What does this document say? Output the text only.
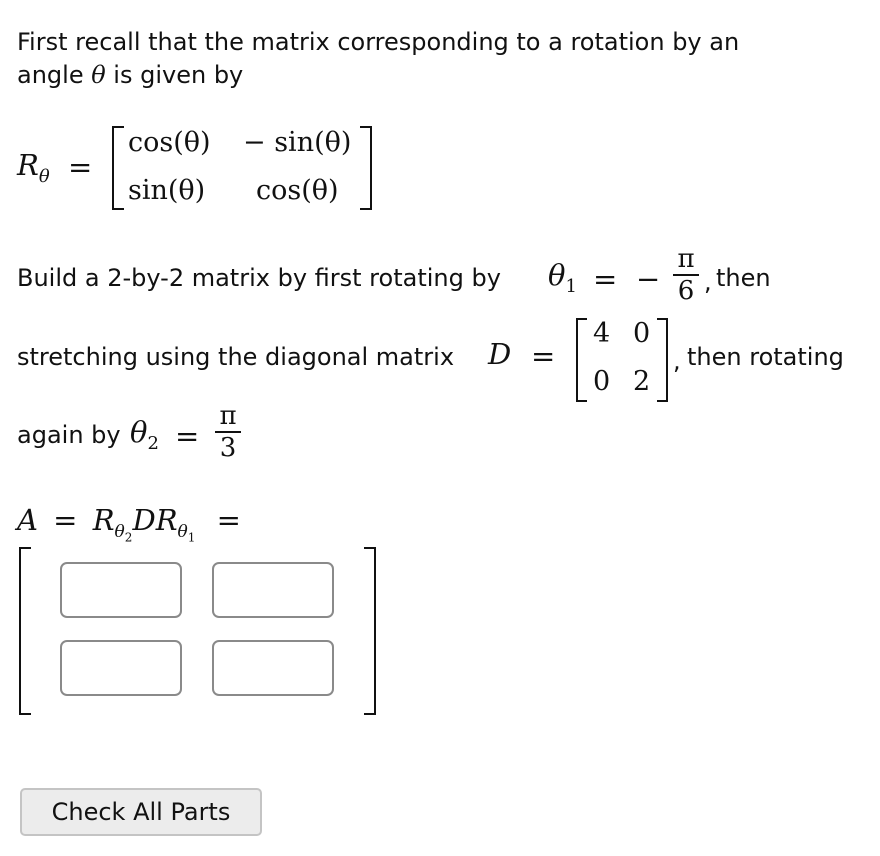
First recall that the matrix corresponding to a rotation by an
angle θ is given by
$R_\theta$ =
cos(θ) − sin(θ)
sin(θ) cos(θ)
Build a 2-by-2 matrix by first rotating by $\theta_1$ = −
π
6 , then
stretching using the diagonal matrix D =
4 0
0 2
, then rotating
again by $\theta_2$ =
π
3
$A = R_{\theta_2}DR_{\theta_1}$ =
Check All Parts
